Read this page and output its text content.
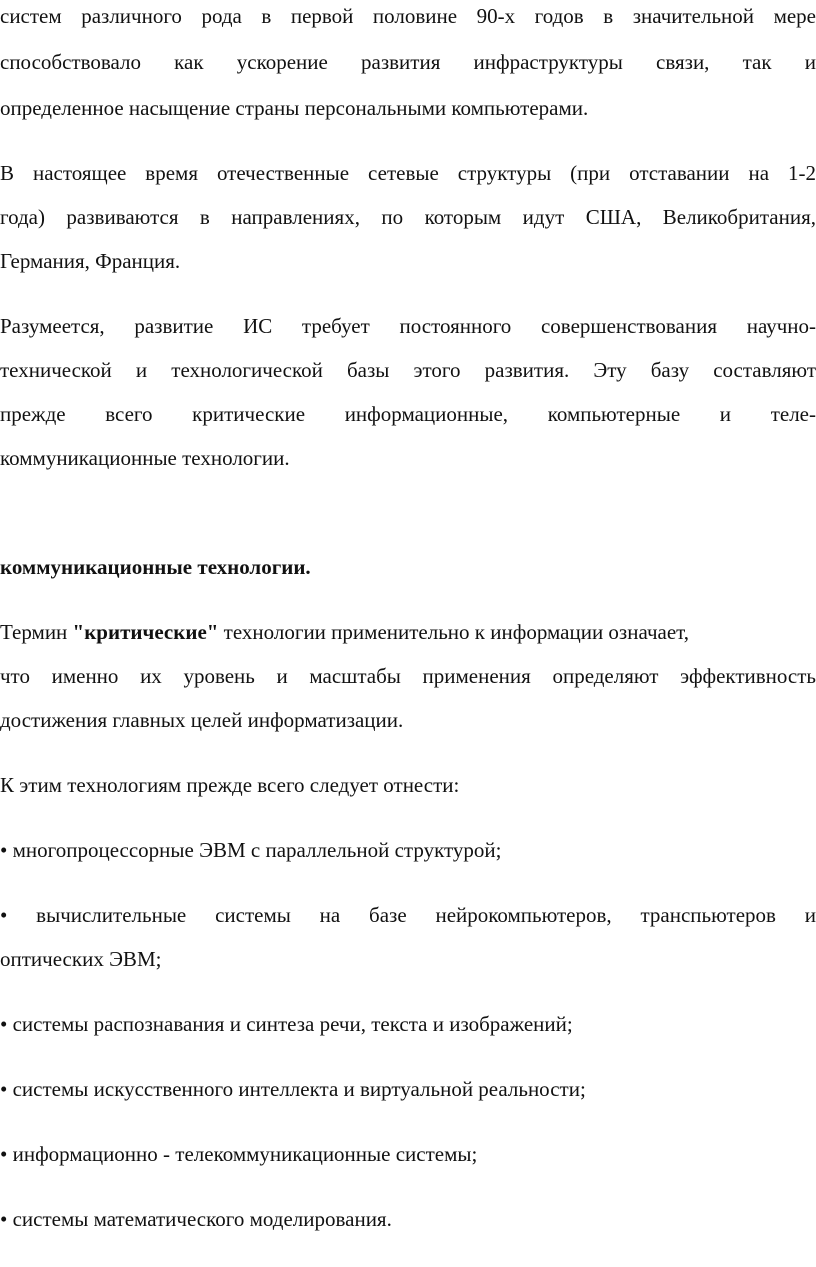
систем различного рода в первой половине 90-х годов в значительной мере
способствовало как ускорение развития инфраструктуры связи, так и
определенное насыщение страны персональными компьютерами.
В настоящее время отечественные сетевые структуры (при отставании на 1-2
года) развиваются в направлениях, по которым идут США, Великобритания,
Германия, Франция.
Разумеется, развитие ИС требует постоянного совершенствования научно-
технической и технологической базы этого развития. Эту базу составляют
прежде всего критические информационные, компьютерные и теле-
коммуникационные технологии.
коммуникационные технологии.
Термин "критические" технологии применительно к информации означает,
что именно их уровень и масштабы применения определяют эффективность
достижения главных целей информатизации.
К этим технологиям прежде всего следует отнести:
• многопроцессорные ЭВМ с параллельной структурой;
• вычислительные системы на базе нейрокомпьютеров, транспьютеров и
оптических ЭВМ;
• системы распознавания и синтеза речи, текста и изображений;
• системы искусственного интеллекта и виртуальной реальности;
• информационно - телекоммуникационные системы;
• системы математического моделирования.
